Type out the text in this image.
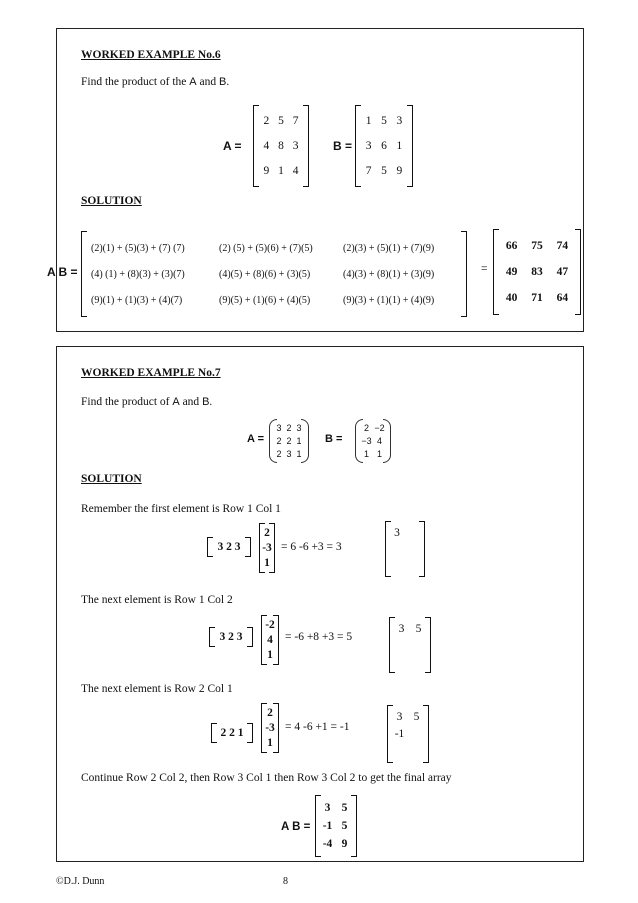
WORKED EXAMPLE No.6
Find the product of the A and B.
A =
2 5 7
4 8 3
9 1 4
B =
1 5 3
3 6 1
7 5 9
SOLUTION
A B =
(2)(1) + (5)(3) + (7) (7)	(2) (5) + (5)(6) + (7)(5)	(2)(3) + (5)(1) + (7)(9)
(4) (1) + (8)(3) + (3)(7)	(4)(5) + (8)(6) + (3)(5)	(4)(3) + (8)(1) + (3)(9)
(9)(1) + (1)(3) + (4)(7)	(9)(5) + (1)(6) + (4)(5)	(9)(3) + (1)(1) + (4)(9)
=
66 75 74
49 83 47
40 71 64
WORKED EXAMPLE No.7
Find the product of A and B.
A =
3 2 3
2 2 1
2 3 1
B =
2 −2
−3 4
1 1
SOLUTION
Remember the first element is Row 1 Col 1
3 2 3
2
-3
1
= 6 -6 +3 = 3
3
The next element is Row 1 Col 2
3 2 3
-2
4
1
= -6 +8 +3 = 5
3 5
The next element is Row 2 Col 1
2 2 1
2
-3
1
= 4 -6 +1 = -1
3 5
-1
Continue Row 2 Col 2, then Row 3 Col 1 then Row 3 Col 2 to get the final array
A B =
3 5
-1 5
-4 9
©D.J. Dunn	8
